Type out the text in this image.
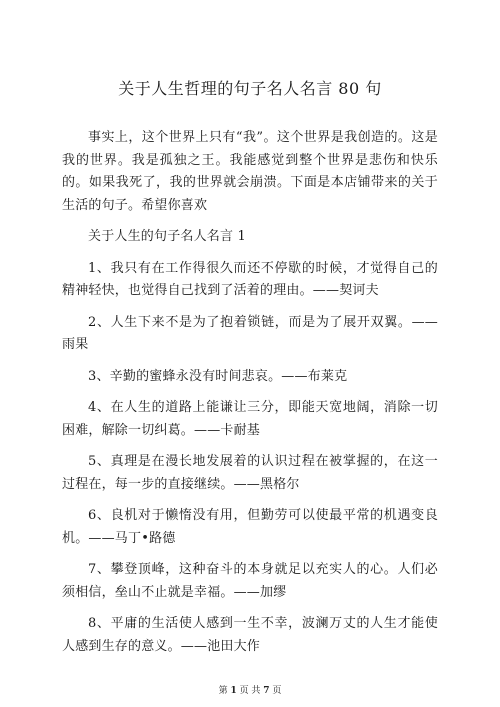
关于人生哲理的句子名人名言 80 句

事实上，这个世界上只有“我”。这个世界是我创造的。这是我的世界。我是孤独之王。我能感觉到整个世界是悲伤和快乐的。如果我死了，我的世界就会崩溃。下面是本店铺带来的关于生活的句子。希望你喜欢

关于人生的句子名人名言 1

1、我只有在工作得很久而还不停歇的时候，才觉得自己的精神轻快，也觉得自己找到了活着的理由。——契诃夫

2、人生下来不是为了抱着锁链，而是为了展开双翼。——雨果

3、辛勤的蜜蜂永没有时间悲哀。——布莱克

4、在人生的道路上能谦让三分，即能天宽地阔，消除一切困难，解除一切纠葛。——卡耐基

5、真理是在漫长地发展着的认识过程在被掌握的，在这一过程在，每一步的直接继续。——黑格尔

6、良机对于懒惰没有用，但勤劳可以使最平常的机遇变良机。——马丁•路德

7、攀登顶峰，这种奋斗的本身就足以充实人的心。人们必须相信，垒山不止就是幸福。——加缪

8、平庸的生活使人感到一生不幸，波澜万丈的人生才能使人感到生存的意义。——池田大作

第 1 页 共 7 页
